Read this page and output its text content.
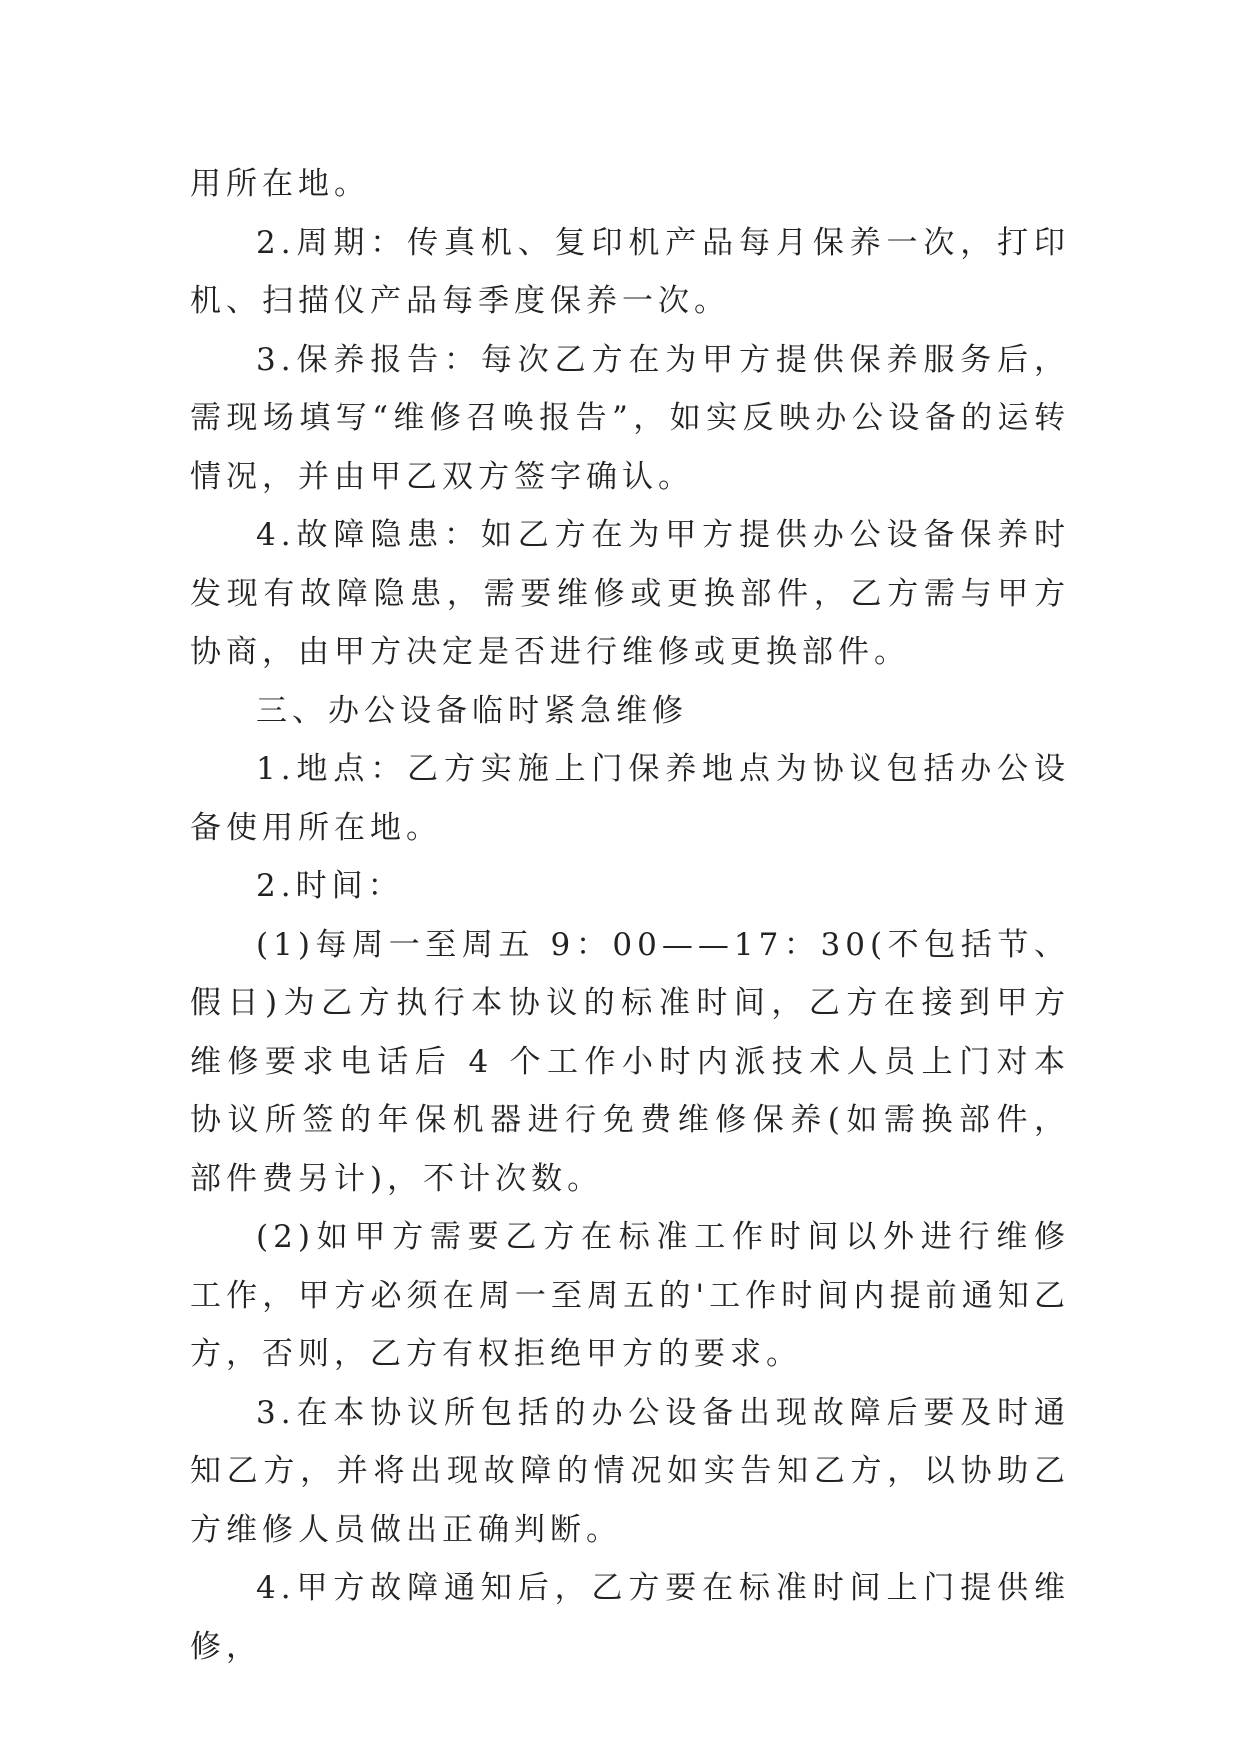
用所在地。

2.周期：传真机、复印机产品每月保养一次，打印机、扫描仪产品每季度保养一次。

3.保养报告：每次乙方在为甲方提供保养服务后，需现场填写“维修召唤报告”，如实反映办公设备的运转情况，并由甲乙双方签字确认。

4.故障隐患：如乙方在为甲方提供办公设备保养时发现有故障隐患，需要维修或更换部件，乙方需与甲方协商，由甲方决定是否进行维修或更换部件。

三、办公设备临时紧急维修

1.地点：乙方实施上门保养地点为协议包括办公设备使用所在地。

2.时间：

(1)每周一至周五 9：00——17：30(不包括节、假日)为乙方执行本协议的标准时间，乙方在接到甲方维修要求电话后 4 个工作小时内派技术人员上门对本协议所签的年保机器进行免费维修保养(如需换部件，部件费另计)，不计次数。

(2)如甲方需要乙方在标准工作时间以外进行维修工作，甲方必须在周一至周五的'工作时间内提前通知乙方，否则，乙方有权拒绝甲方的要求。

3.在本协议所包括的办公设备出现故障后要及时通知乙方，并将出现故障的情况如实告知乙方，以协助乙方维修人员做出正确判断。

4.甲方故障通知后，乙方要在标准时间上门提供维修，
